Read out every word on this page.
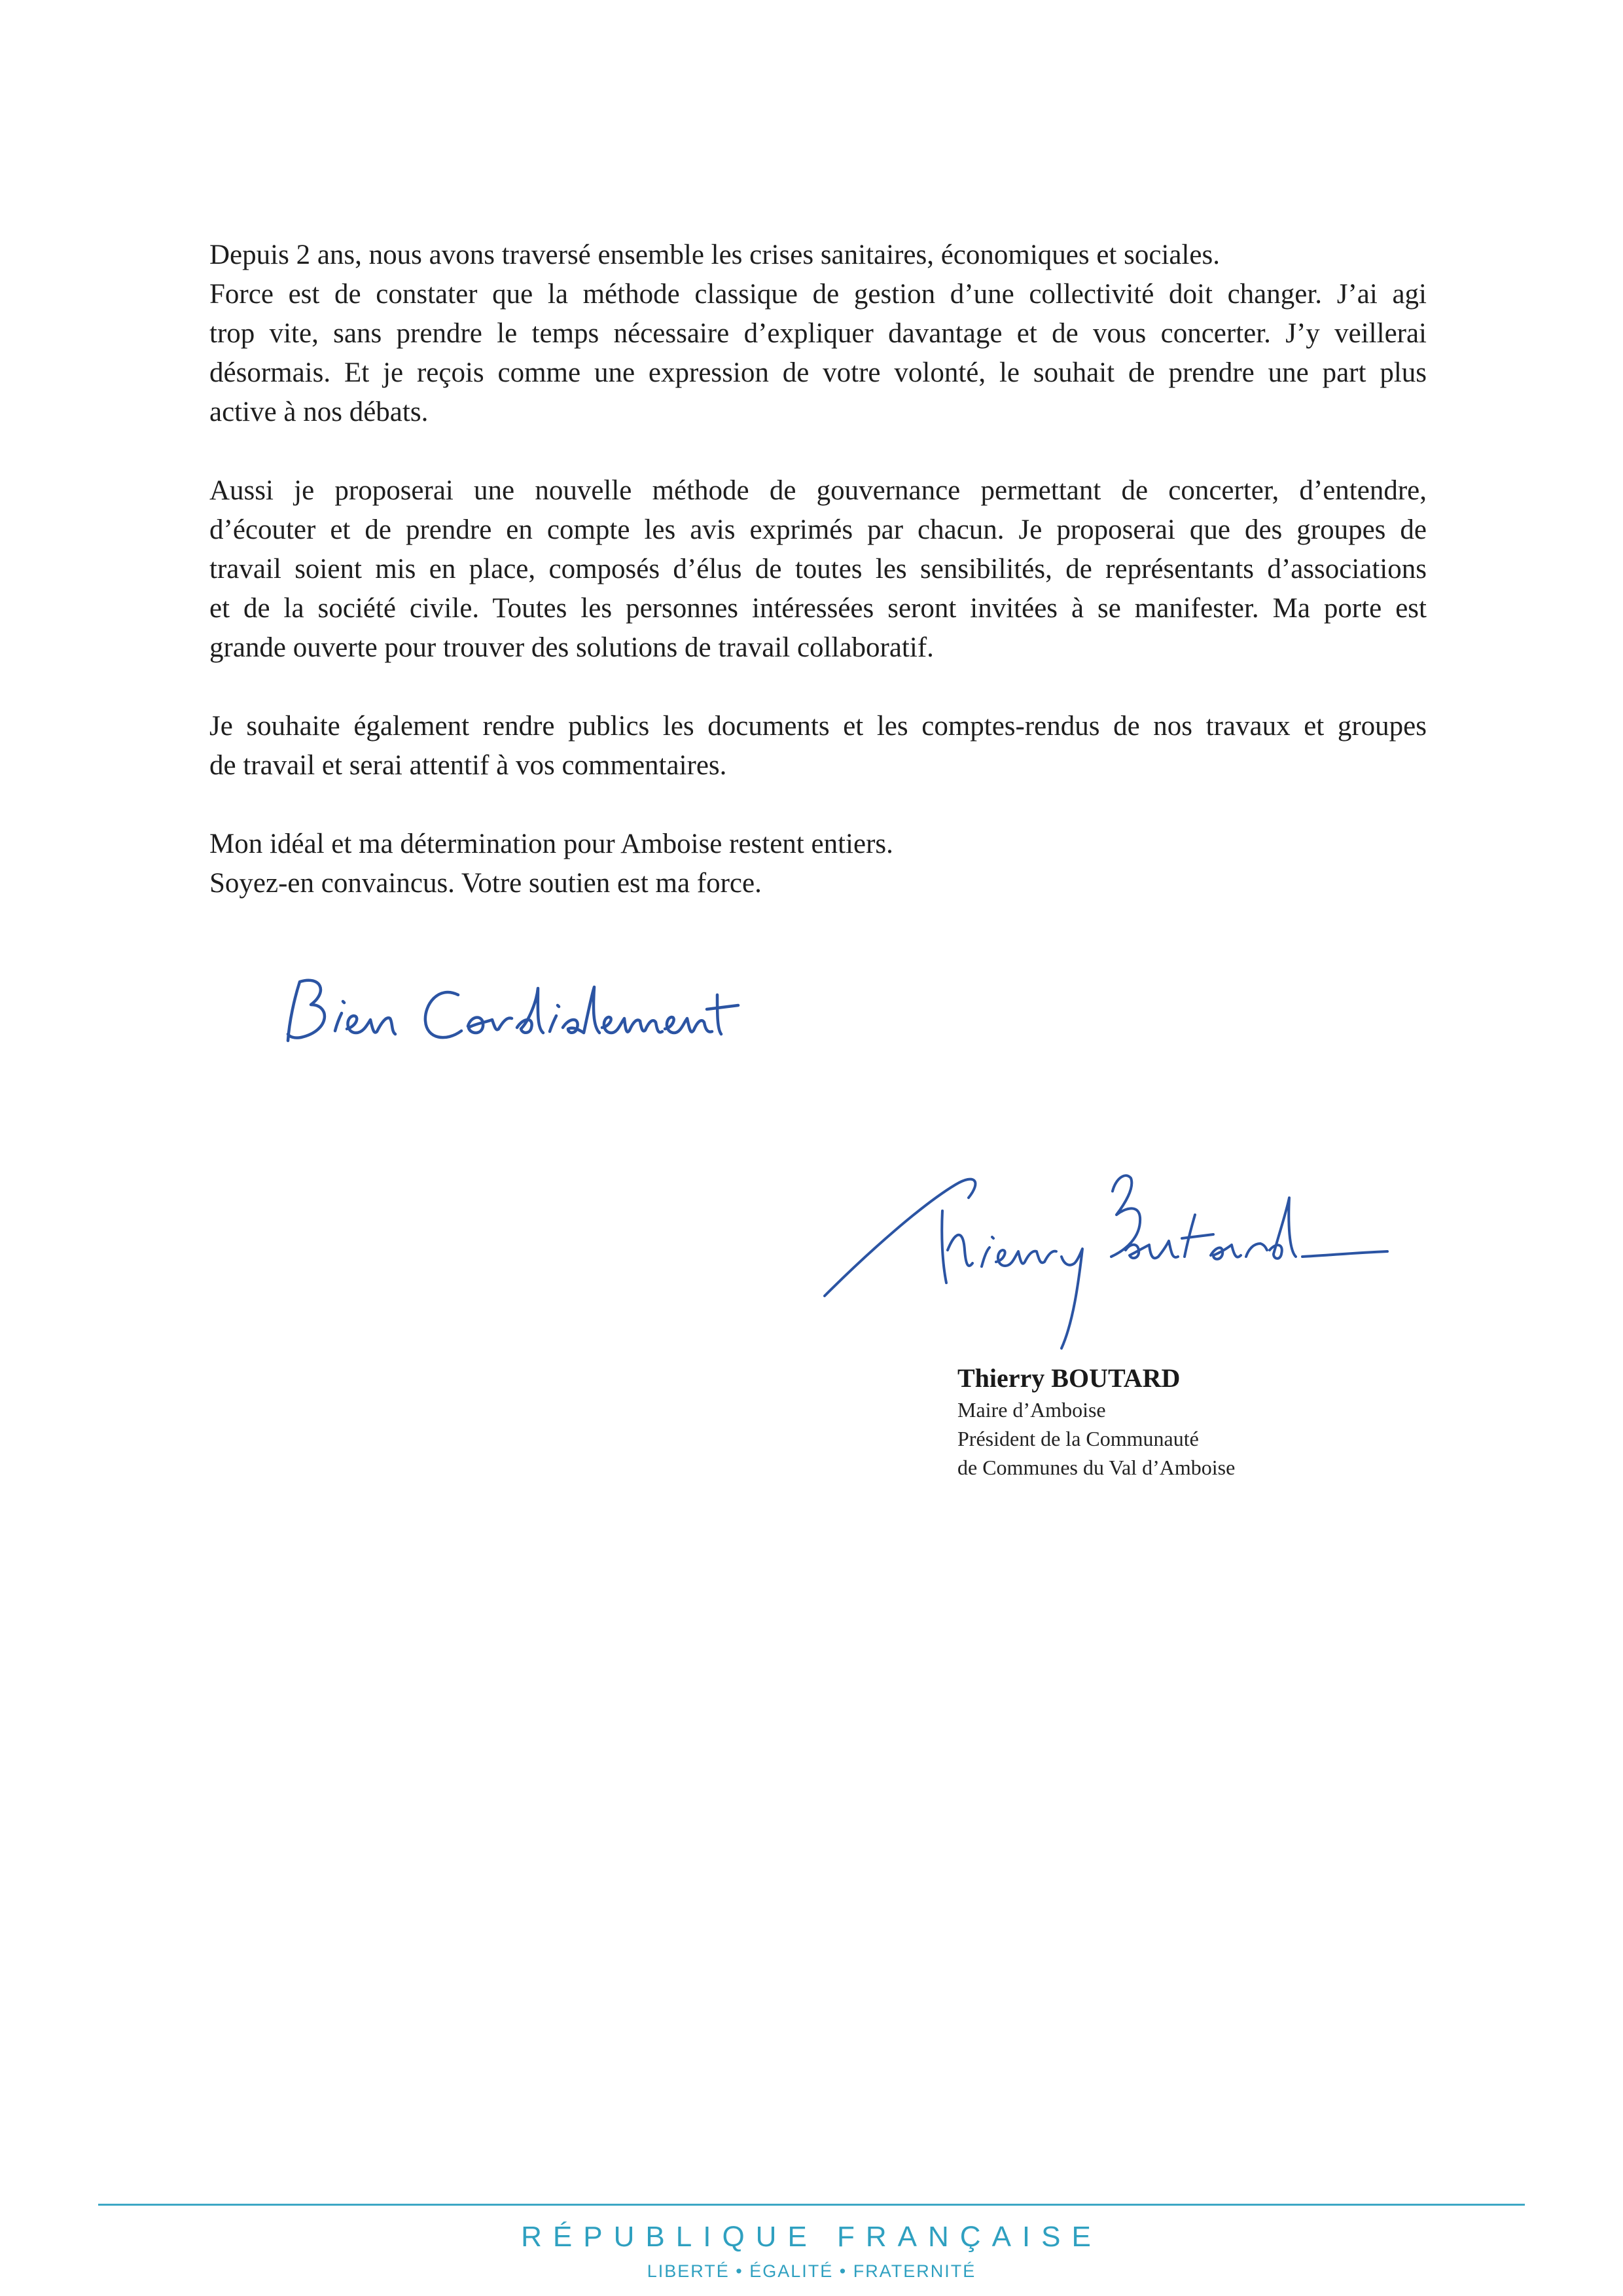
Depuis 2 ans, nous avons traversé ensemble les crises sanitaires, économiques et sociales.
Force est de constater que la méthode classique de gestion d’une collectivité doit changer. J’ai agi
trop vite, sans prendre le temps nécessaire d’expliquer davantage et de vous concerter. J’y veillerai
désormais. Et je reçois comme une expression de votre volonté, le souhait de prendre une part plus
active à nos débats.

Aussi je proposerai une nouvelle méthode de gouvernance permettant de concerter, d’entendre,
d’écouter et de prendre en compte les avis exprimés par chacun. Je proposerai que des groupes de
travail soient mis en place, composés d’élus de toutes les sensibilités, de représentants d’associations
et de la société civile. Toutes les personnes intéressées seront invitées à se manifester. Ma porte est
grande ouverte pour trouver des solutions de travail collaboratif.

Je souhaite également rendre publics les documents et les comptes-rendus de nos travaux et groupes
de travail et serai attentif à vos commentaires.

Mon idéal et ma détermination pour Amboise restent entiers.
Soyez-en convaincus. Votre soutien est ma force.

Thierry BOUTARD
Maire d’Amboise
Président de la Communauté
de Communes du Val d’Amboise
RÉPUBLIQUE FRANÇAISE
LIBERTÉ • ÉGALITÉ • FRATERNITÉ
